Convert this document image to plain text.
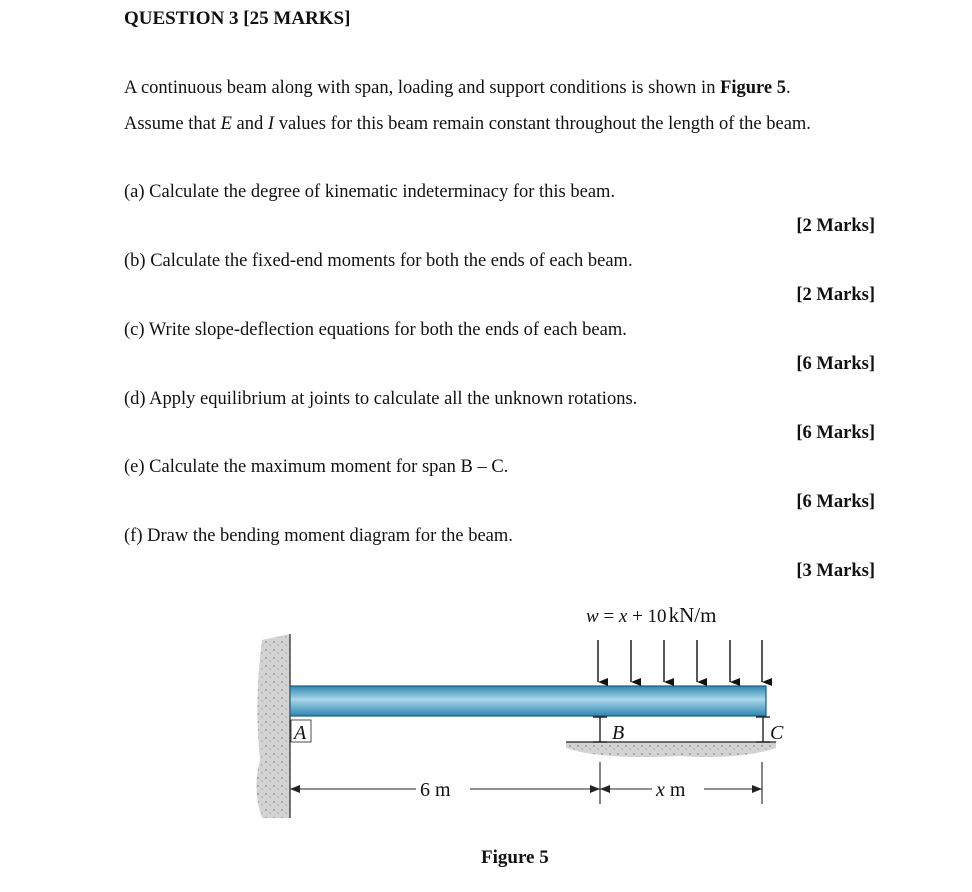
QUESTION 3 [25 MARKS]
A continuous beam along with span, loading and support conditions is shown in Figure 5.
Assume that E and I values for this beam remain constant throughout the length of the beam.
(a) Calculate the degree of kinematic indeterminacy for this beam.
[2 Marks]
(b) Calculate the fixed-end moments for both the ends of each beam.
[2 Marks]
(c) Write slope-deflection equations for both the ends of each beam.
[6 Marks]
(d) Apply equilibrium at joints to calculate all the unknown rotations.
[6 Marks]
(e) Calculate the maximum moment for span B – C.
[6 Marks]
(f) Draw the bending moment diagram for the beam.
[3 Marks]
w = x + 10kN/m
A	B	C
6 m	x m
Figure 5
